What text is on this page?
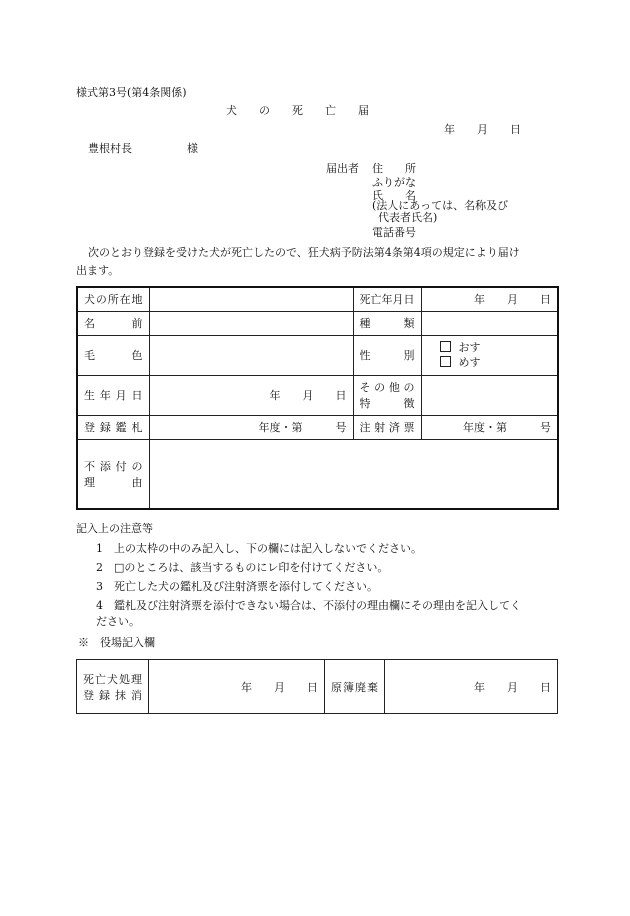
様式第3号(第4条関係)
犬　　の　　死　　亡　　届
年　　月　　日
豊根村長　　　　　様
届出者 住　　所
ふりがな
氏　　名
(法人にあっては、名称及び
代表者氏名)
電話番号
次のとおり登録を受けた犬が死亡したので、狂犬病予防法第4条第4項の規定により届け
出ます。
犬の所在地		死亡年月日	年　　月　　日
名　　前		種　　類	
毛　　色		性　　別	おす
めす

生年月日	年　　月　　日	その他の
特　　徴	

登録鑑札	年度・第　　　号	注射済票	年度・第　　　号

不添付の
理　　由			

記入上の注意等
1　 上の太枠の中のみ記入し、下の欄には記入しないでください。
2　 □のところは、該当するものにレ印を付けてください。
3　 死亡した犬の鑑札及び注射済票を添付してください。
4　 鑑札及び注射済票を添付できない場合は、不添付の理由欄にその理由を記入してく
ださい。
※　役場記入欄
死亡犬処理
登録抹消
	年　　月　　日	原簿廃棄	年　　月　　日
